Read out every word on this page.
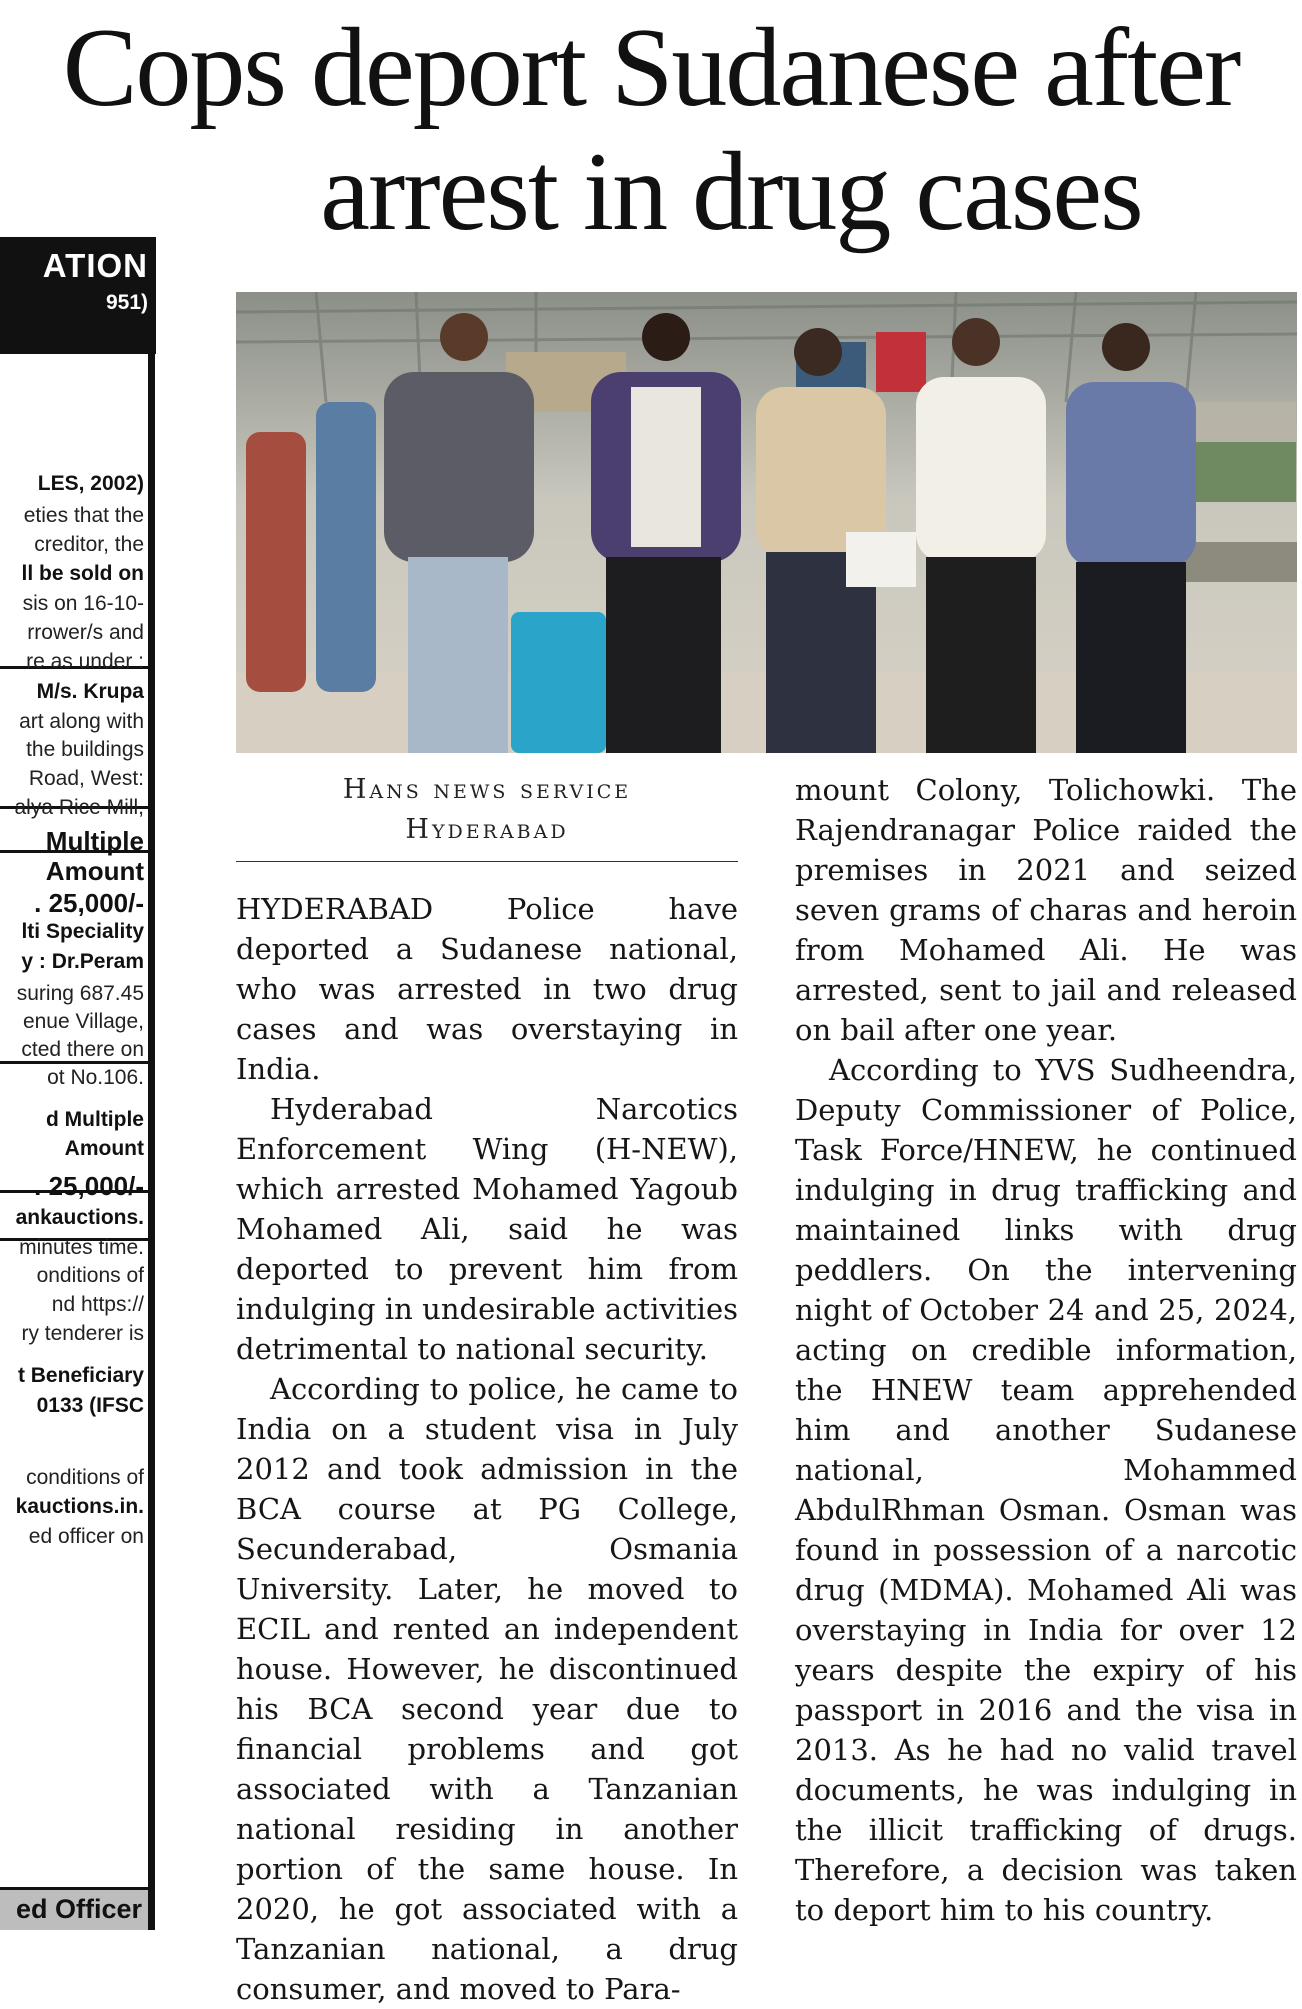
Cops deport Sudanese after
arrest in drug cases
ATION
951)
LES, 2002)
eties that the
creditor, the
ll be sold on
sis on 16-10-
rrower/s and
re as under :
M/s. Krupa
art along with
the buildings
Road, West:
alya Rice Mill,
Multiple
Amount
. 25,000/-
lti Speciality
y : Dr.Peram
suring 687.45
enue Village,
cted there on
ot No.106.
d Multiple
Amount
. 25,000/-
ankauctions.
minutes time.
onditions of
nd https://
ry tenderer is
t Beneficiary
0133 (IFSC
conditions of
kauctions.in.
ed officer on
ed Officer
Hans news service
Hyderabad

HYDERABAD Police have deported a Sudanese national, who was arrested in two drug cases and was overstaying in India.

Hyderabad Narcotics Enforcement Wing (H-NEW), which arrested Mohamed Yagoub Mohamed Ali, said he was deported to prevent him from indulging in undesirable activities detrimental to national security.

According to police, he came to India on a student visa in July 2012 and took admission in the BCA course at PG College, Secunderabad, Osmania University. Later, he moved to ECIL and rented an independent house. However, he discontinued his BCA second year due to financial problems and got associated with a Tanzanian national residing in another portion of the same house. In 2020, he got associated with a Tanzanian national, a drug consumer, and moved to Para-

mount Colony, Tolichowki. The Rajendranagar Police raided the premises in 2021 and seized seven grams of charas and heroin from Mohamed Ali. He was arrested, sent to jail and released on bail after one year.

According to YVS Sudheendra, Deputy Commissioner of Police, Task Force/HNEW, he continued indulging in drug trafficking and maintained links with drug peddlers. On the intervening night of October 24 and 25, 2024, acting on credible information, the HNEW team apprehended him and another Sudanese national, Mohammed AbdulRhman Osman. Osman was found in possession of a narcotic drug (MDMA). Mohamed Ali was overstaying in India for over 12 years despite the expiry of his passport in 2016 and the visa in 2013. As he had no valid travel documents, he was indulging in the illicit trafficking of drugs. Therefore, a decision was taken to deport him to his country.
